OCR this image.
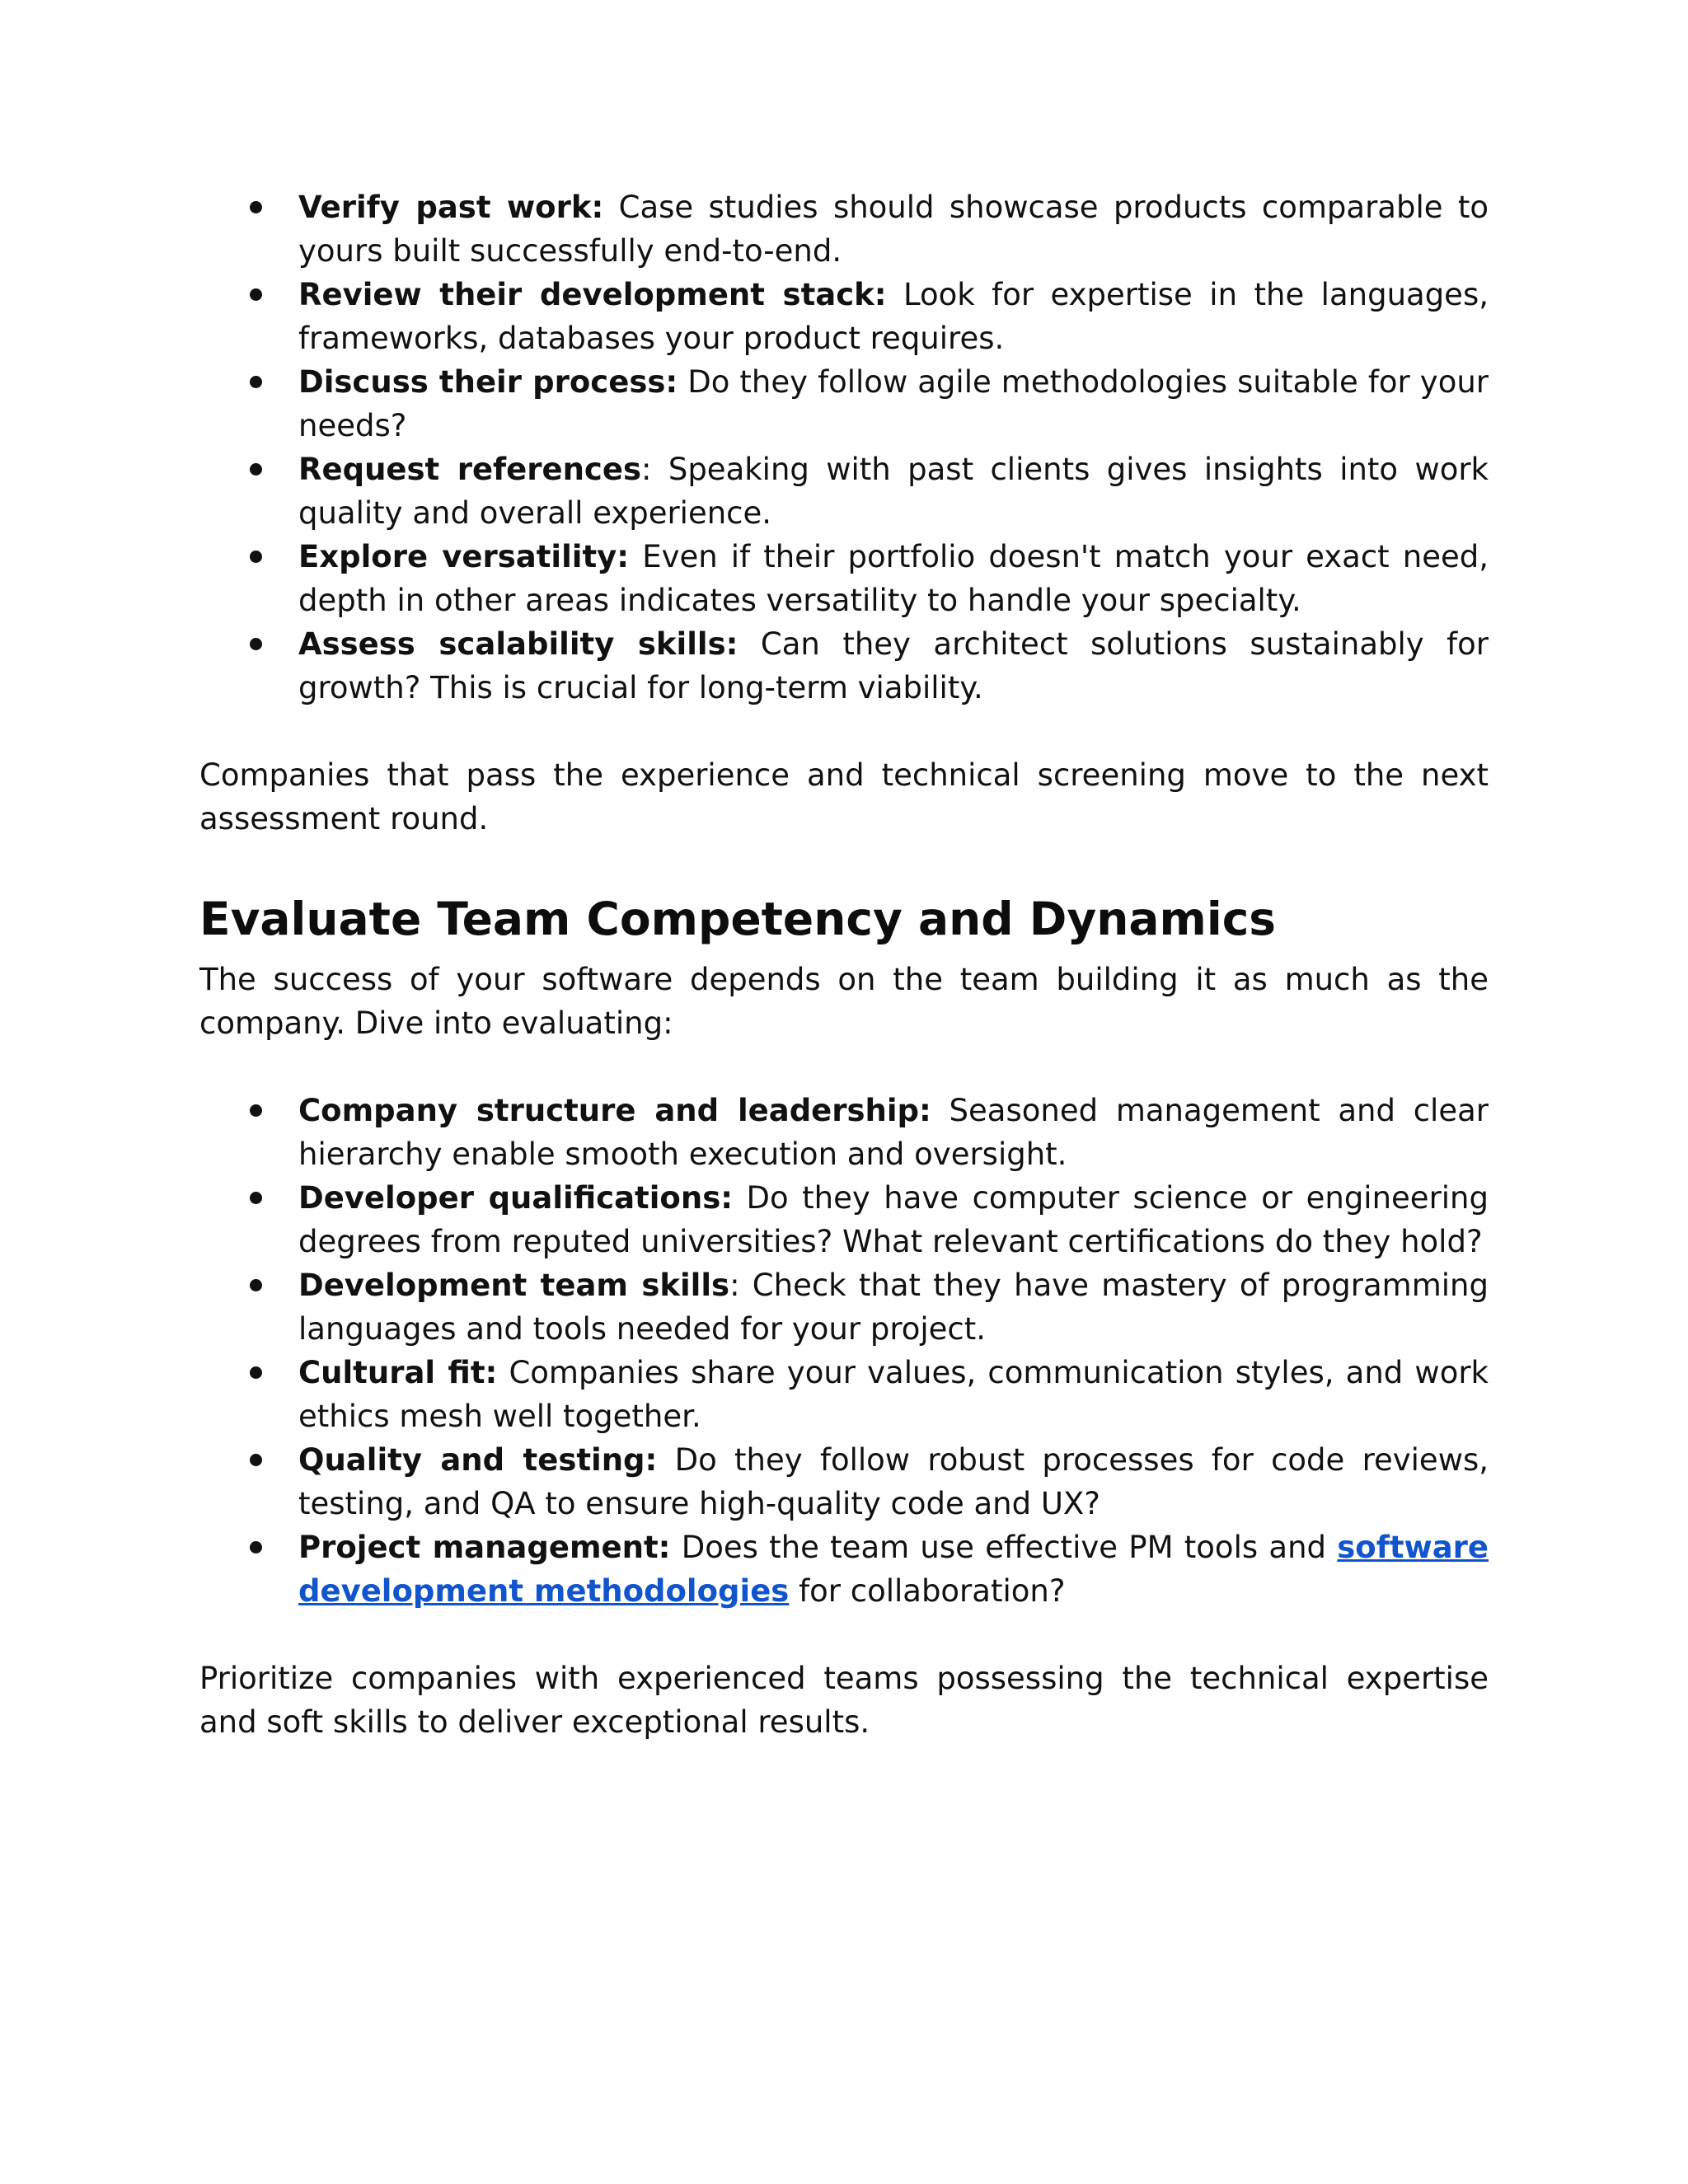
Verify past work: Case studies should showcase products comparable to yours built successfully end-to-end.
Review their development stack: Look for expertise in the languages, frameworks, databases your product requires.
Discuss their process: Do they follow agile methodologies suitable for your needs?
Request references: Speaking with past clients gives insights into work quality and overall experience.
Explore versatility: Even if their portfolio doesn't match your exact need, depth in other areas indicates versatility to handle your specialty.
Assess scalability skills: Can they architect solutions sustainably for growth? This is crucial for long-term viability.

Companies that pass the experience and technical screening move to the next assessment round.

Evaluate Team Competency and Dynamics

The success of your software depends on the team building it as much as the company. Dive into evaluating:

Company structure and leadership: Seasoned management and clear hierarchy enable smooth execution and oversight.
Developer qualifications: Do they have computer science or engineering degrees from reputed universities? What relevant certifications do they hold?
Development team skills: Check that they have mastery of programming languages and tools needed for your project.
Cultural fit: Companies share your values, communication styles, and work ethics mesh well together.
Quality and testing: Do they follow robust processes for code reviews, testing, and QA to ensure high-quality code and UX?
Project management: Does the team use effective PM tools and software development methodologies for collaboration?

Prioritize companies with experienced teams possessing the technical expertise and soft skills to deliver exceptional results.
